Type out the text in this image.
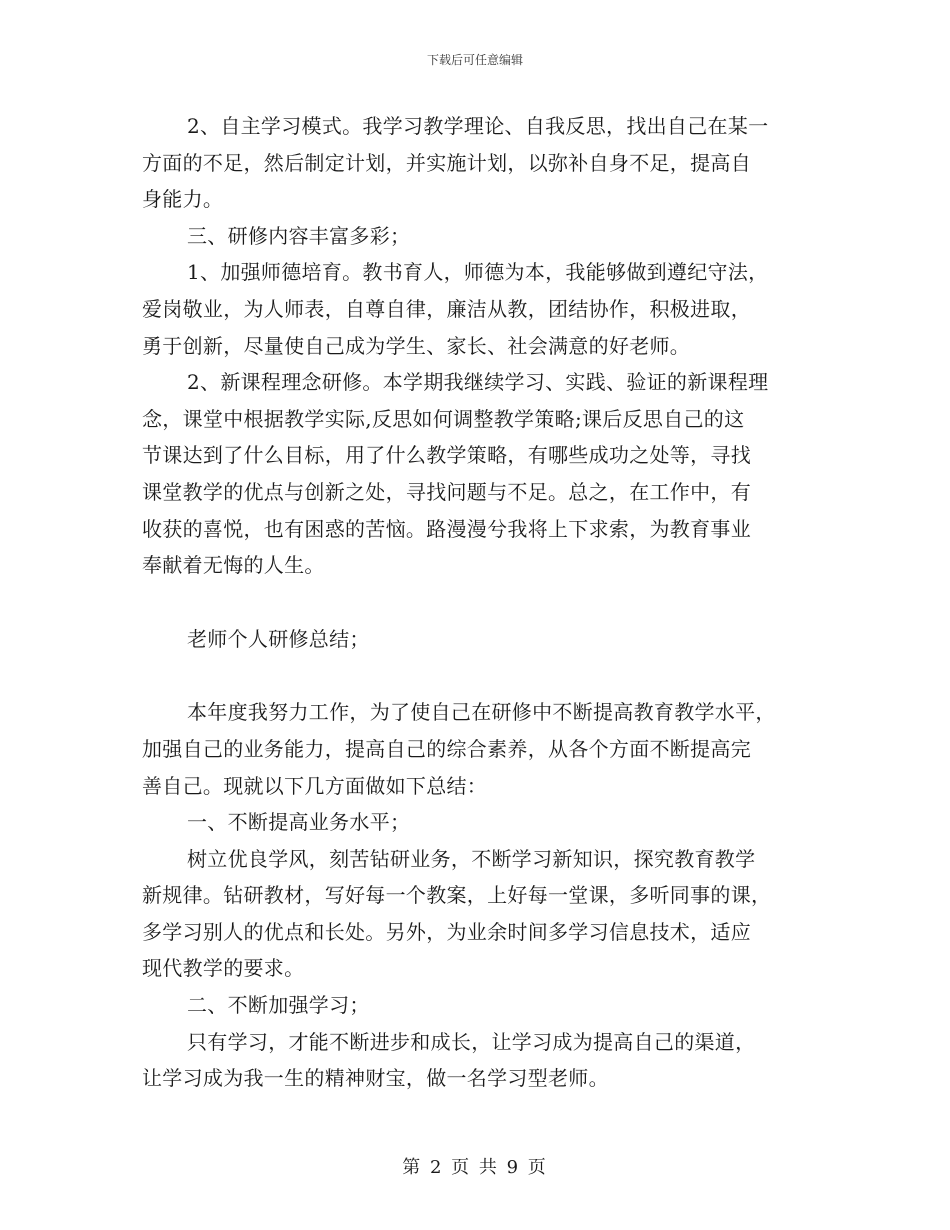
下载后可任意编辑
2、自主学习模式。我学习教学理论、自我反思，找出自己在某一
方面的不足，然后制定计划，并实施计划，以弥补自身不足，提高自
身能力。
三、研修内容丰富多彩；
1、加强师德培育。教书育人，师德为本，我能够做到遵纪守法，
爱岗敬业，为人师表，自尊自律，廉洁从教，团结协作，积极进取，
勇于创新，尽量使自己成为学生、家长、社会满意的好老师。
2、新课程理念研修。本学期我继续学习、实践、验证的新课程理
念，课堂中根据教学实际,反思如何调整教学策略;课后反思自己的这
节课达到了什么目标，用了什么教学策略，有哪些成功之处等，寻找
课堂教学的优点与创新之处，寻找问题与不足。总之，在工作中，有
收获的喜悦，也有困惑的苦恼。路漫漫兮我将上下求索，为教育事业
奉献着无悔的人生。
老师个人研修总结；
本年度我努力工作，为了使自己在研修中不断提高教育教学水平，
加强自己的业务能力，提高自己的综合素养，从各个方面不断提高完
善自己。现就以下几方面做如下总结：
一、不断提高业务水平；
树立优良学风，刻苦钻研业务，不断学习新知识，探究教育教学
新规律。钻研教材，写好每一个教案，上好每一堂课，多听同事的课，
多学习别人的优点和长处。另外，为业余时间多学习信息技术，适应
现代教学的要求。
二、不断加强学习；
只有学习，才能不断进步和成长，让学习成为提高自己的渠道，
让学习成为我一生的精神财宝，做一名学习型老师。
第 2 页 共 9 页
